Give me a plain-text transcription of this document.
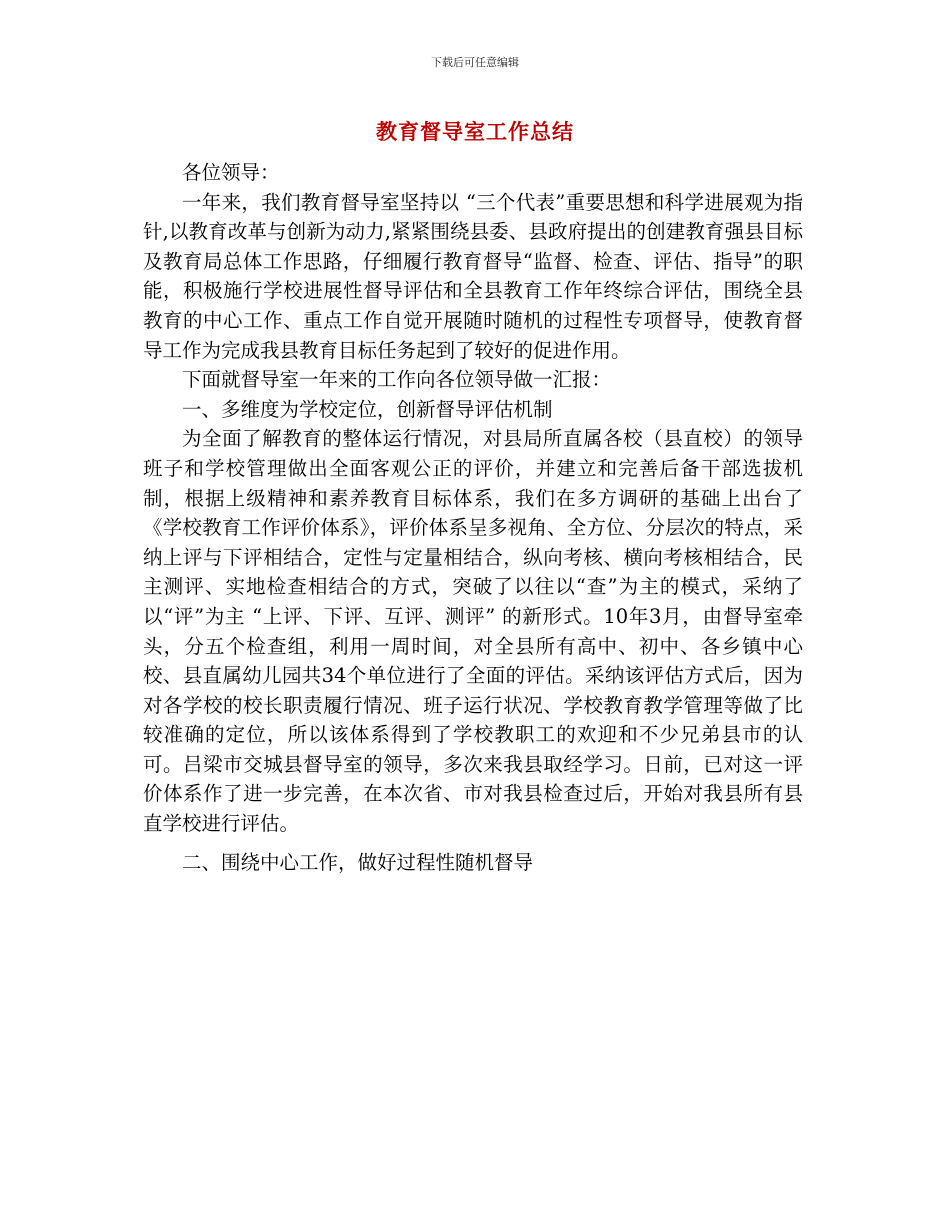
下载后可任意编辑
教育督导室工作总结

各位领导：

一年来，我们教育督导室坚持以 “三个代表”重要思想和科学进展观为指针,以教育改革与创新为动力,紧紧围绕县委、县政府提出的创建教育强县目标及教育局总体工作思路，仔细履行教育督导“监督、检查、评估、指导”的职能，积极施行学校进展性督导评估和全县教育工作年终综合评估，围绕全县教育的中心工作、重点工作自觉开展随时随机的过程性专项督导，使教育督导工作为完成我县教育目标任务起到了较好的促进作用。

下面就督导室一年来的工作向各位领导做一汇报：

一、多维度为学校定位，创新督导评估机制

为全面了解教育的整体运行情况，对县局所直属各校（县直校）的领导班子和学校管理做出全面客观公正的评价，并建立和完善后备干部选拔机制，根据上级精神和素养教育目标体系，我们在多方调研的基础上出台了《学校教育工作评价体系》，评价体系呈多视角、全方位、分层次的特点，采纳上评与下评相结合，定性与定量相结合，纵向考核、横向考核相结合，民主测评、实地检查相结合的方式，突破了以往以“查”为主的模式，采纳了以“评”为主 “上评、下评、互评、测评” 的新形式。10年3月，由督导室牵头，分五个检查组，利用一周时间，对全县所有高中、初中、各乡镇中心校、县直属幼儿园共34个单位进行了全面的评估。采纳该评估方式后，因为对各学校的校长职责履行情况、班子运行状况、学校教育教学管理等做了比较准确的定位，所以该体系得到了学校教职工的欢迎和不少兄弟县市的认可。吕梁市交城县督导室的领导，多次来我县取经学习。日前，已对这一评价体系作了进一步完善，在本次省、市对我县检查过后，开始对我县所有县直学校进行评估。

二、围绕中心工作，做好过程性随机督导
